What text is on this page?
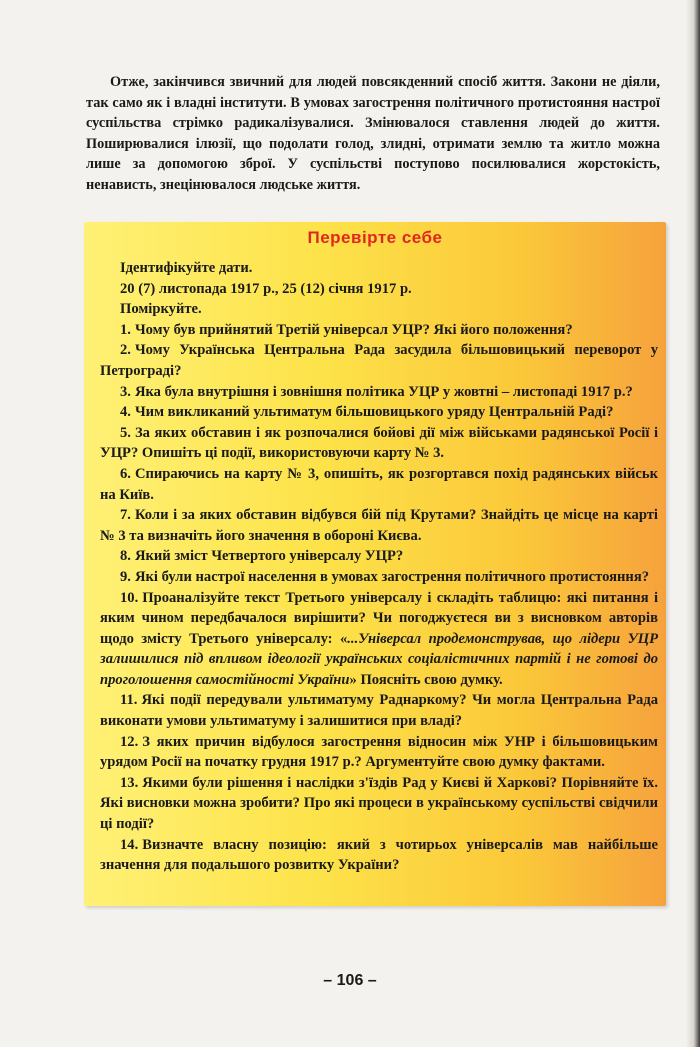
Отже, закінчився звичний для людей повсякденний спосіб життя. Закони не діяли, так само як і владні інститути. В умовах загострення політичного протистояння настрої суспільства стрімко радикалізувалися. Змінювалося ставлення людей до життя. Поширювалися ілюзії, що подолати голод, злидні, отримати землю та житло можна лише за допомогою зброї. У суспільстві поступово посилювалися жорстокість, ненависть, знецінювалося людське життя.

Перевірте себе

Ідентифікуйте дати.

20 (7) листопада 1917 р., 25 (12) січня 1917 р.

Поміркуйте.

1. Чому був прийнятий Третій універсал УЦР? Які його положення?

2. Чому Українська Центральна Рада засудила більшовицький переворот у Петрограді?

3. Яка була внутрішня і зовнішня політика УЦР у жовтні – листопаді 1917 р.?

4. Чим викликаний ультиматум більшовицького уряду Центральній Раді?

5. За яких обставин і як розпочалися бойові дії між військами радянської Росії і УЦР? Опишіть ці події, використовуючи карту № 3.

6. Спираючись на карту № 3, опишіть, як розгортався похід радянських військ на Київ.

7. Коли і за яких обставин відбувся бій під Крутами? Знайдіть це місце на карті № 3 та визначіть його значення в обороні Києва.

8. Який зміст Четвертого універсалу УЦР?

9. Які були настрої населення в умовах загострення політичного протистояння?

10. Проаналізуйте текст Третього універсалу і складіть таблицю: які питання і яким чином передбачалося вирішити? Чи погоджуєтеся ви з висновком авторів щодо змісту Третього універсалу: «...Універсал продемонстрував, що лідери УЦР залишилися під впливом ідеології українських соціалістичних партій і не готові до проголошення самостійності України» Поясніть свою думку.

11. Які події передували ультиматуму Раднаркому? Чи могла Центральна Рада виконати умови ультиматуму і залишитися при владі?

12. З яких причин відбулося загострення відносин між УНР і більшовицьким урядом Росії на початку грудня 1917 р.? Аргументуйте свою думку фактами.

13. Якими були рішення і наслідки з'їздів Рад у Києві й Харкові? Порівняйте їх. Які висновки можна зробити? Про які процеси в українському суспільстві свідчили ці події?

14. Визначте власну позицію: який з чотирьох універсалів мав найбільше значення для подальшого розвитку України?

– 106 –
